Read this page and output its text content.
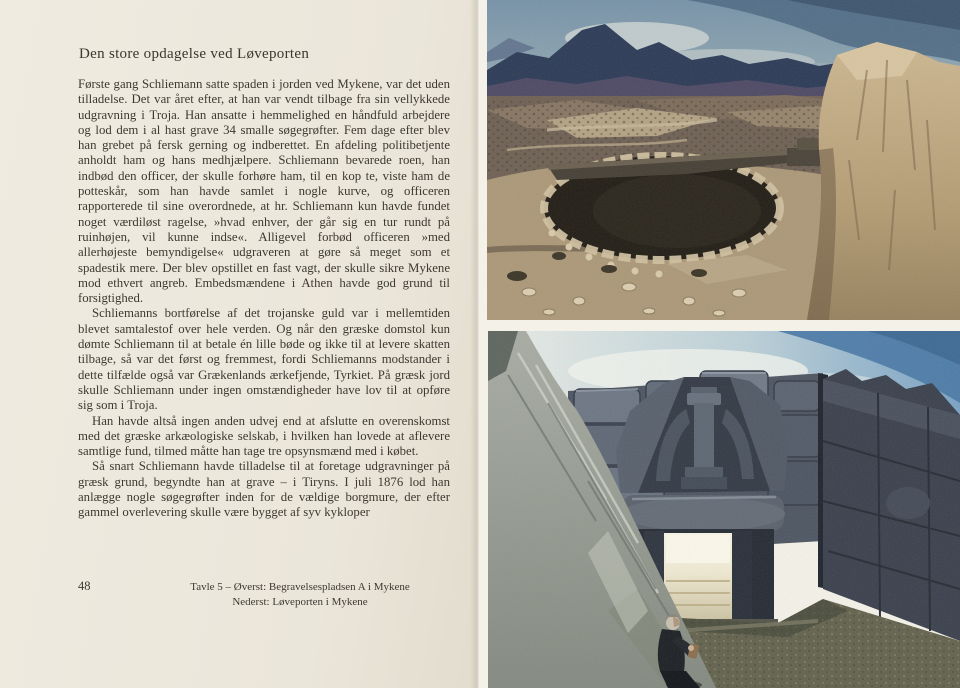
Den store opdagelse ved Løveporten

Første gang Schliemann satte spaden i jorden ved Mykene, var det uden tilladelse. Det var året efter, at han var vendt tilbage fra sin vellykkede udgravning i Troja. Han ansatte i hemmelighed en håndfuld arbejdere og lod dem i al hast grave 34 smalle søgegrøfter. Fem dage efter blev han grebet på fersk gerning og indberettet. En afdeling politibetjente anholdt ham og hans medhjælpere. Schliemann bevarede roen, han indbød den officer, der skulle forhøre ham, til en kop te, viste ham de potteskår, som han havde samlet i nogle kurve, og officeren rapporterede til sine overordnede, at hr. Schliemann kun havde fundet noget værdiløst ragelse, »hvad enhver, der går sig en tur rundt på ruinhøjen, vil kunne indse«. Alligevel forbød officeren »med allerhøjeste bemyndigelse« udgraveren at gøre så meget som et spadestik mere. Der blev opstillet en fast vagt, der skulle sikre Mykene mod ethvert angreb. Embedsmændene i Athen havde god grund til forsigtighed.

Schliemanns bortførelse af det trojanske guld var i mellemtiden blevet samtalestof over hele verden. Og når den græske domstol kun dømte Schliemann til at betale én lille bøde og ikke til at levere skatten tilbage, så var det først og fremmest, fordi Schliemanns modstander i dette tilfælde også var Grækenlands ærkefjende, Tyrkiet. På græsk jord skulle Schliemann under ingen omstændigheder have lov til at opføre sig som i Troja.

Han havde altså ingen anden udvej end at afslutte en overenskomst med det græske arkæologiske selskab, i hvilken han lovede at aflevere samtlige fund, tilmed måtte han tage tre opsynsmænd med i købet.

Så snart Schliemann havde tilladelse til at foretage udgravninger på græsk grund, begyndte han at grave – i Tiryns. I juli 1876 lod han anlægge nogle søgegrøfter inden for de vældige borgmure, der efter gammel overlevering skulle være bygget af syv kykloper

48	Tavle 5 – Øverst: Begravelsespladsen A i Mykene
Nederst: Løveporten i Mykene
